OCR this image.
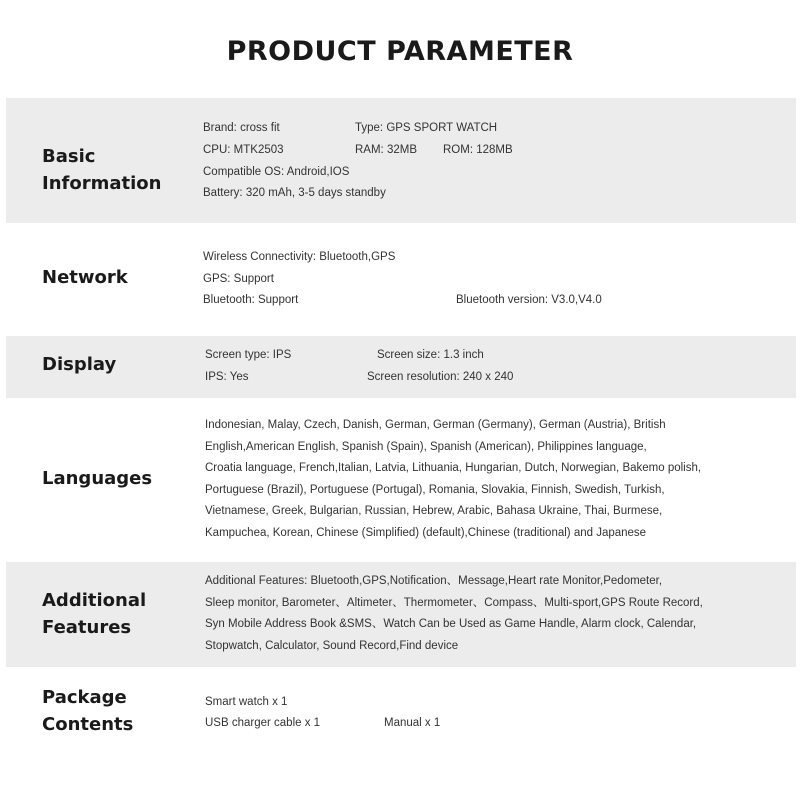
PRODUCT PARAMETER
Basic
Information
Brand: cross fit	Type: GPS SPORT WATCH
CPU: MTK2503	RAM: 32MB ROM: 128MB
Compatible OS: Android,IOS
Battery: 320 mAh, 3-5 days standby
Network
Wireless Connectivity: Bluetooth,GPS
GPS: Support
Bluetooth: Support	Bluetooth version: V3.0,V4.0
Display	Screen type: IPS	Screen size: 1.3 inch
IPS: Yes	Screen resolution: 240 x 240
Languages
Indonesian, Malay, Czech, Danish, German, German (Germany), German (Austria), British
English,American English, Spanish (Spain), Spanish (American), Philippines language,
Croatia language, French,Italian, Latvia, Lithuania, Hungarian, Dutch, Norwegian, Bakemo polish,
Portuguese (Brazil), Portuguese (Portugal), Romania, Slovakia, Finnish, Swedish, Turkish,
Vietnamese, Greek, Bulgarian, Russian, Hebrew, Arabic, Bahasa Ukraine, Thai, Burmese,
Kampuchea, Korean, Chinese (Simplified) (default),Chinese (traditional) and Japanese
Additional
Features
Additional Features: Bluetooth,GPS,Notification、Message,Heart rate Monitor,Pedometer,
Sleep monitor, Barometer、Altimeter、Thermometer、Compass、Multi-sport,GPS Route Record,
Syn Mobile Address Book &SMS、Watch Can be Used as Game Handle, Alarm clock, Calendar,
Stopwatch, Calculator, Sound Record,Find device
Package
Contents
Smart watch x 1
USB charger cable x 1	Manual x 1
